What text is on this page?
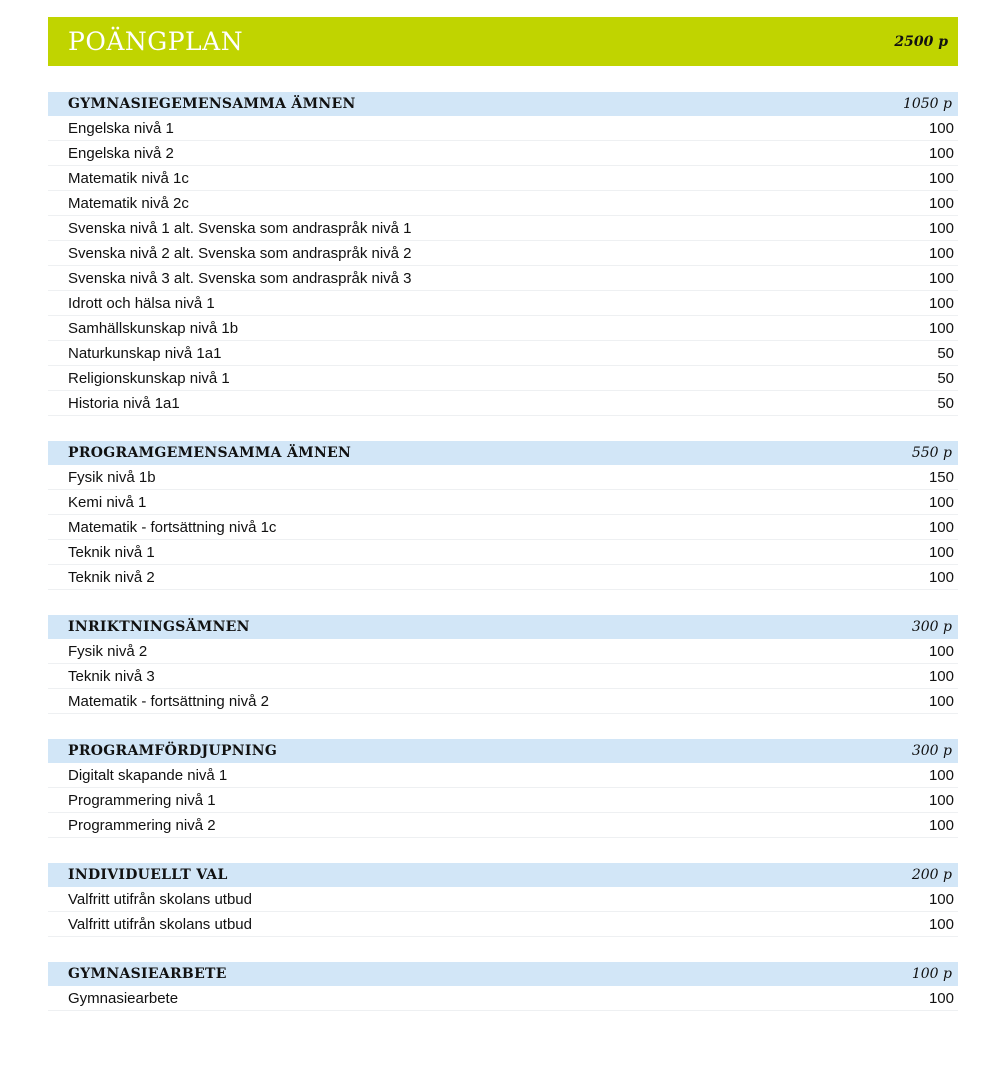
POÄNGPLAN	2500 p
GYMNASIEGEMENSAMMA ÄMNEN	1050 p
Engelska nivå 1	100
Engelska nivå 2	100
Matematik nivå 1c	100
Matematik nivå 2c	100
Svenska nivå 1 alt. Svenska som andraspråk nivå 1	100
Svenska nivå 2 alt. Svenska som andraspråk nivå 2	100
Svenska nivå 3 alt. Svenska som andraspråk nivå 3	100
Idrott och hälsa nivå 1	100
Samhällskunskap nivå 1b	100
Naturkunskap nivå 1a1	50
Religionskunskap nivå 1	50
Historia nivå 1a1	50
PROGRAMGEMENSAMMA ÄMNEN	550 p
Fysik nivå 1b	150
Kemi nivå 1	100
Matematik - fortsättning nivå 1c	100
Teknik nivå 1	100
Teknik nivå 2	100
INRIKTNINGSÄMNEN	300 p
Fysik nivå 2	100
Teknik nivå 3	100
Matematik - fortsättning nivå 2	100
PROGRAMFÖRDJUPNING	300 p
Digitalt skapande nivå 1	100
Programmering nivå 1	100
Programmering nivå 2	100
INDIVIDUELLT VAL	200 p
Valfritt utifrån skolans utbud	100
Valfritt utifrån skolans utbud	100
GYMNASIEARBETE	100 p
Gymnasiearbete	100
